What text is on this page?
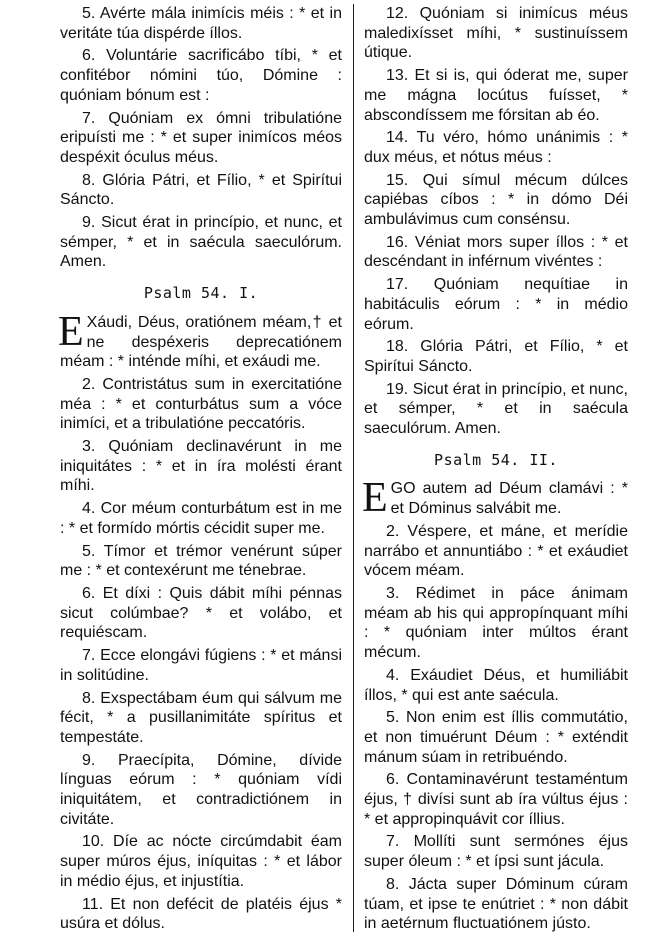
5. Avérte mála inimícis méis : * et in veritáte túa dispérde íllos.

6. Voluntárie sacrificábo tíbi, * et confitébor nómini túo, Dómine : quóniam bónum est :

7. Quóniam ex ómni tribulatióne eripuísti me : * et super inimícos méos despéxit óculus méus.

8. Glória Pátri, et Fílio, * et Spirítui Sáncto.

9. Sicut érat in princípio, et nunc, et sémper, * et in saécula saeculórum. Amen.

Psalm 54. I.

E Xáudi, Déus, oratiónem méam,† et ne despéxeris deprecatiónem méam : * inténde míhi, et exáudi me.

2. Contristátus sum in exercitatióne méa : * et conturbátus sum a vóce inimíci, et a tribulatióne peccatóris.

3. Quóniam declinavérunt in me iniquitátes : * et in íra molésti érant míhi.

4. Cor méum conturbátum est in me : * et formído mórtis cécidit super me.

5. Tímor et trémor venérunt súper me : * et contexérunt me ténebrae.

6. Et díxi : Quis dábit míhi pénnas sicut colúmbae? * et volábo, et requiéscam.

7. Ecce elongávi fúgiens : * et mánsi in solitúdine.

8. Exspectábam éum qui sálvum me fécit, * a pusillanimitáte spíritus et tempestáte.

9. Praecípita, Dómine, dívide línguas eórum : * quóniam vídi iniquitátem, et contradictiónem in civitáte.

10. Díe ac nócte circúmdabit éam super múros éjus, iníquitas : * et lábor in médio éjus, et injustítia.

11. Et non defécit de platéis éjus * usúra et dólus.

12. Quóniam si inimícus méus maledixísset míhi, * sustinuíssem útique.

13. Et si is, qui óderat me, super me mágna locútus fuísset, * abscondíssem me fórsitan ab éo.

14. Tu véro, hómo unánimis : * dux méus, et nótus méus :

15. Qui símul mécum dúlces capiébas cíbos : * in dómo Déi ambulávimus cum consénsu.

16. Véniat mors super íllos : * et descéndant in inférnum vivéntes :

17. Quóniam nequítiae in habitáculis eórum : * in médio eórum.

18. Glória Pátri, et Fílio, * et Spirítui Sáncto.

19. Sicut érat in princípio, et nunc, et sémper, * et in saécula saeculórum. Amen.

Psalm 54. II.

EGO autem ad Déum clamávi : * et Dóminus salvábit me.

2. Véspere, et máne, et merídie narrábo et annuntiábo : * et exáudiet vócem méam.

3. Rédimet in páce ánimam méam ab his qui appropínquant míhi : * quóniam inter múltos érant mécum.

4. Exáudiet Déus, et humiliábit íllos, * qui est ante saécula.

5. Non enim est íllis commutátio, et non timuérunt Déum : * exténdit mánum súam in retribuéndo.

6. Contaminavérunt testaméntum éjus, † divísi sunt ab íra vúltus éjus : * et appropinquávit cor íllius.

7. Mollíti sunt sermónes éjus super óleum : * et ípsi sunt jácula.

8. Jácta super Dóminum cúram túam, et ipse te enútriet : * non dábit in aetérnum fluctuatiónem jústo.
